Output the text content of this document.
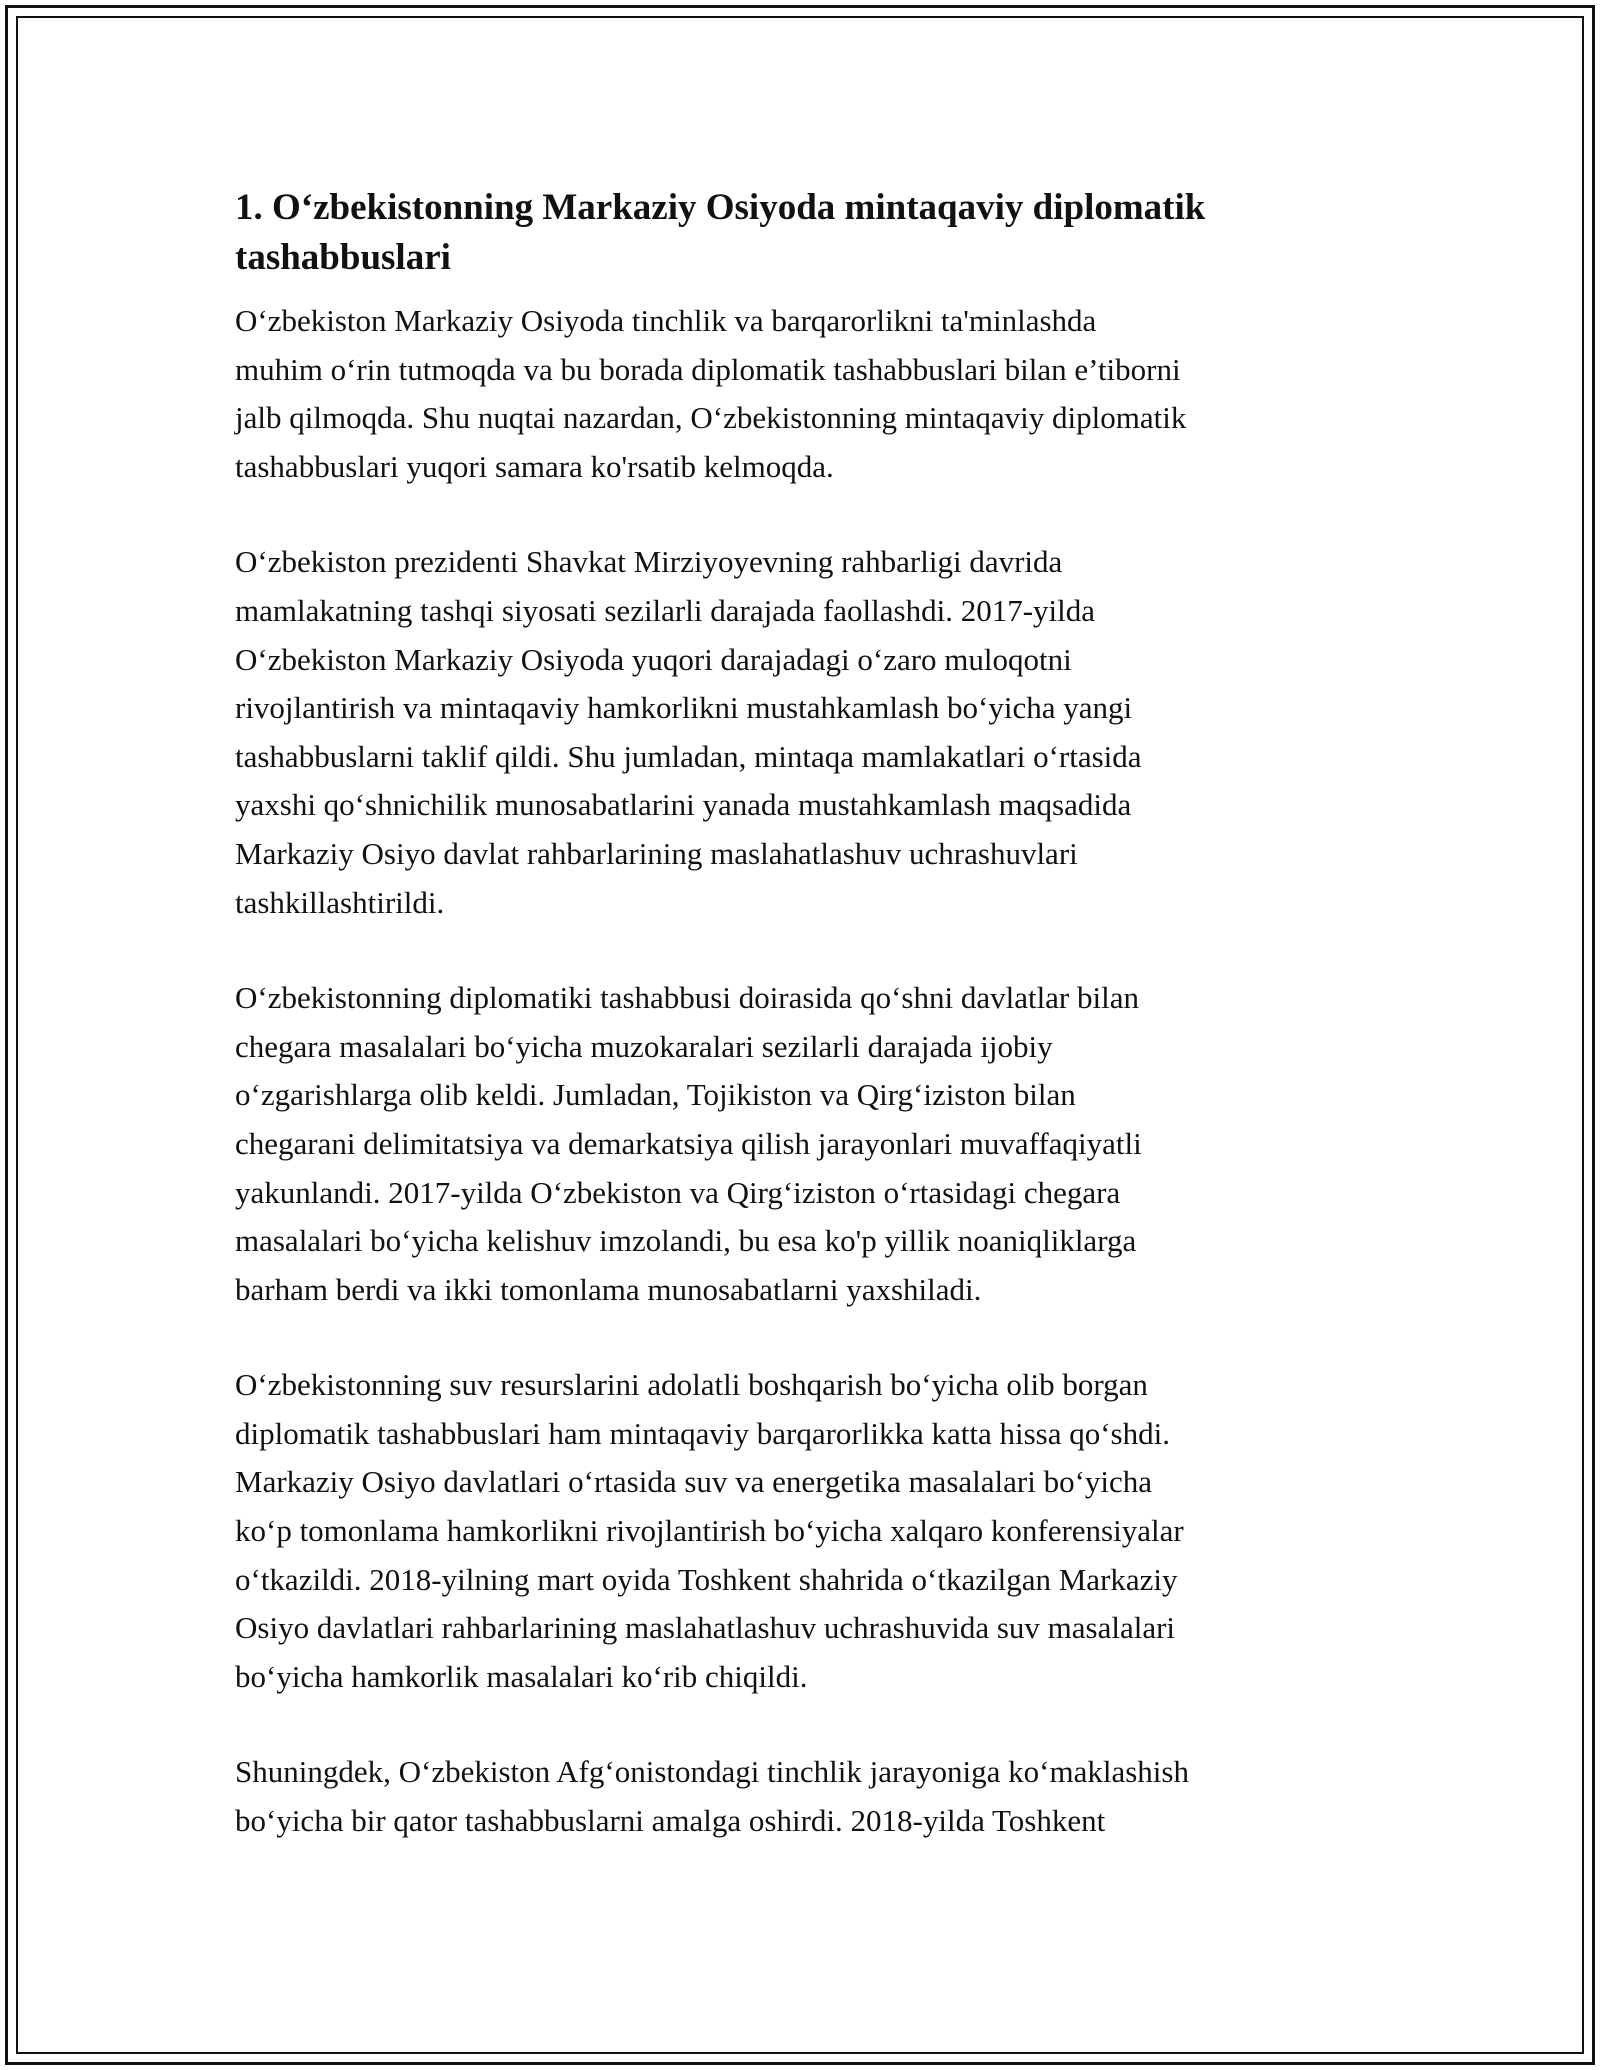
1. O‘zbekistonning Markaziy Osiyoda mintaqaviy diplomatik tashabbuslari

O‘zbekiston Markaziy Osiyoda tinchlik va barqarorlikni ta'minlashda
muhim o‘rin tutmoqda va bu borada diplomatik tashabbuslari bilan e’tiborni
jalb qilmoqda. Shu nuqtai nazardan, O‘zbekistonning mintaqaviy diplomatik
tashabbuslari yuqori samara ko'rsatib kelmoqda.

O‘zbekiston prezidenti Shavkat Mirziyoyevning rahbarligi davrida
mamlakatning tashqi siyosati sezilarli darajada faollashdi. 2017-yilda
O‘zbekiston Markaziy Osiyoda yuqori darajadagi o‘zaro muloqotni
rivojlantirish va mintaqaviy hamkorlikni mustahkamlash bo‘yicha yangi
tashabbuslarni taklif qildi. Shu jumladan, mintaqa mamlakatlari o‘rtasida
yaxshi qo‘shnichilik munosabatlarini yanada mustahkamlash maqsadida
Markaziy Osiyo davlat rahbarlarining maslahatlashuv uchrashuvlari
tashkillashtirildi.

O‘zbekistonning diplomatiki tashabbusi doirasida qo‘shni davlatlar bilan
chegara masalalari bo‘yicha muzokaralari sezilarli darajada ijobiy
o‘zgarishlarga olib keldi. Jumladan, Tojikiston va Qirg‘iziston bilan
chegarani delimitatsiya va demarkatsiya qilish jarayonlari muvaffaqiyatli
yakunlandi. 2017-yilda O‘zbekiston va Qirg‘iziston o‘rtasidagi chegara
masalalari bo‘yicha kelishuv imzolandi, bu esa ko'p yillik noaniqliklarga
barham berdi va ikki tomonlama munosabatlarni yaxshiladi.

O‘zbekistonning suv resurslarini adolatli boshqarish bo‘yicha olib borgan
diplomatik tashabbuslari ham mintaqaviy barqarorlikka katta hissa qo‘shdi.
Markaziy Osiyo davlatlari o‘rtasida suv va energetika masalalari bo‘yicha
ko‘p tomonlama hamkorlikni rivojlantirish bo‘yicha xalqaro konferensiyalar
o‘tkazildi. 2018-yilning mart oyida Toshkent shahrida o‘tkazilgan Markaziy
Osiyo davlatlari rahbarlarining maslahatlashuv uchrashuvida suv masalalari
bo‘yicha hamkorlik masalalari ko‘rib chiqildi.

Shuningdek, O‘zbekiston Afg‘onistondagi tinchlik jarayoniga ko‘maklashish
bo‘yicha bir qator tashabbuslarni amalga oshirdi. 2018-yilda Toshkent
